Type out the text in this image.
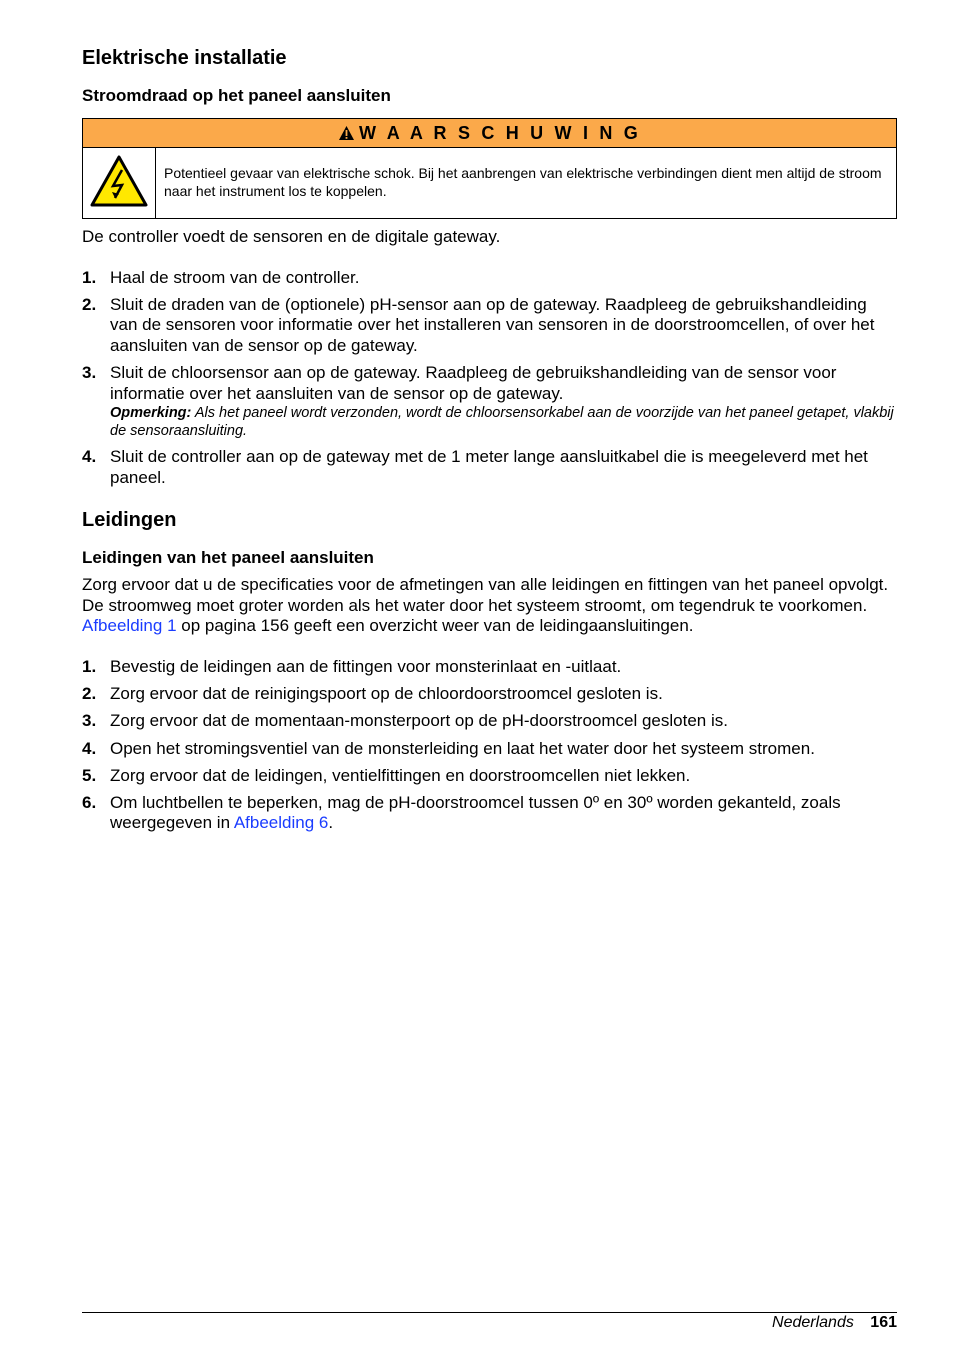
Elektrische installatie
Stroomdraad op het paneel aansluiten
W A A R S C H U W I N G
Potentieel gevaar van elektrische schok. Bij het aanbrengen van elektrische verbindingen dient men altijd de stroom naar het instrument los te koppelen.

De controller voedt de sensoren en de digitale gateway.

1. Haal de stroom van de controller.
2. Sluit de draden van de (optionele) pH-sensor aan op de gateway. Raadpleeg de gebruikshandleiding van de sensoren voor informatie over het installeren van sensoren in de doorstroomcellen, of over het aansluiten van de sensor op de gateway.
3. Sluit de chloorsensor aan op de gateway. Raadpleeg de gebruikshandleiding van de sensor voor informatie over het aansluiten van de sensor op de gateway.
Opmerking: Als het paneel wordt verzonden, wordt de chloorsensorkabel aan de voorzijde van het paneel getapet, vlakbij de sensoraansluiting.
4. Sluit de controller aan op de gateway met de 1 meter lange aansluitkabel die is meegeleverd met het paneel.
Leidingen
Leidingen van het paneel aansluiten

Zorg ervoor dat u de specificaties voor de afmetingen van alle leidingen en fittingen van het paneel opvolgt. De stroomweg moet groter worden als het water door het systeem stroomt, om tegendruk te voorkomen. Afbeelding 1 op pagina 156 geeft een overzicht weer van de leidingaansluitingen.

1. Bevestig de leidingen aan de fittingen voor monsterinlaat en -uitlaat.
2. Zorg ervoor dat de reinigingspoort op de chloordoorstroomcel gesloten is.
3. Zorg ervoor dat de momentaan-monsterpoort op de pH-doorstroomcel gesloten is.
4. Open het stromingsventiel van de monsterleiding en laat het water door het systeem stromen.
5. Zorg ervoor dat de leidingen, ventielfittingen en doorstroomcellen niet lekken.
6. Om luchtbellen te beperken, mag de pH-doorstroomcel tussen 0º en 30º worden gekanteld, zoals weergegeven in Afbeelding 6.
Nederlands 161
